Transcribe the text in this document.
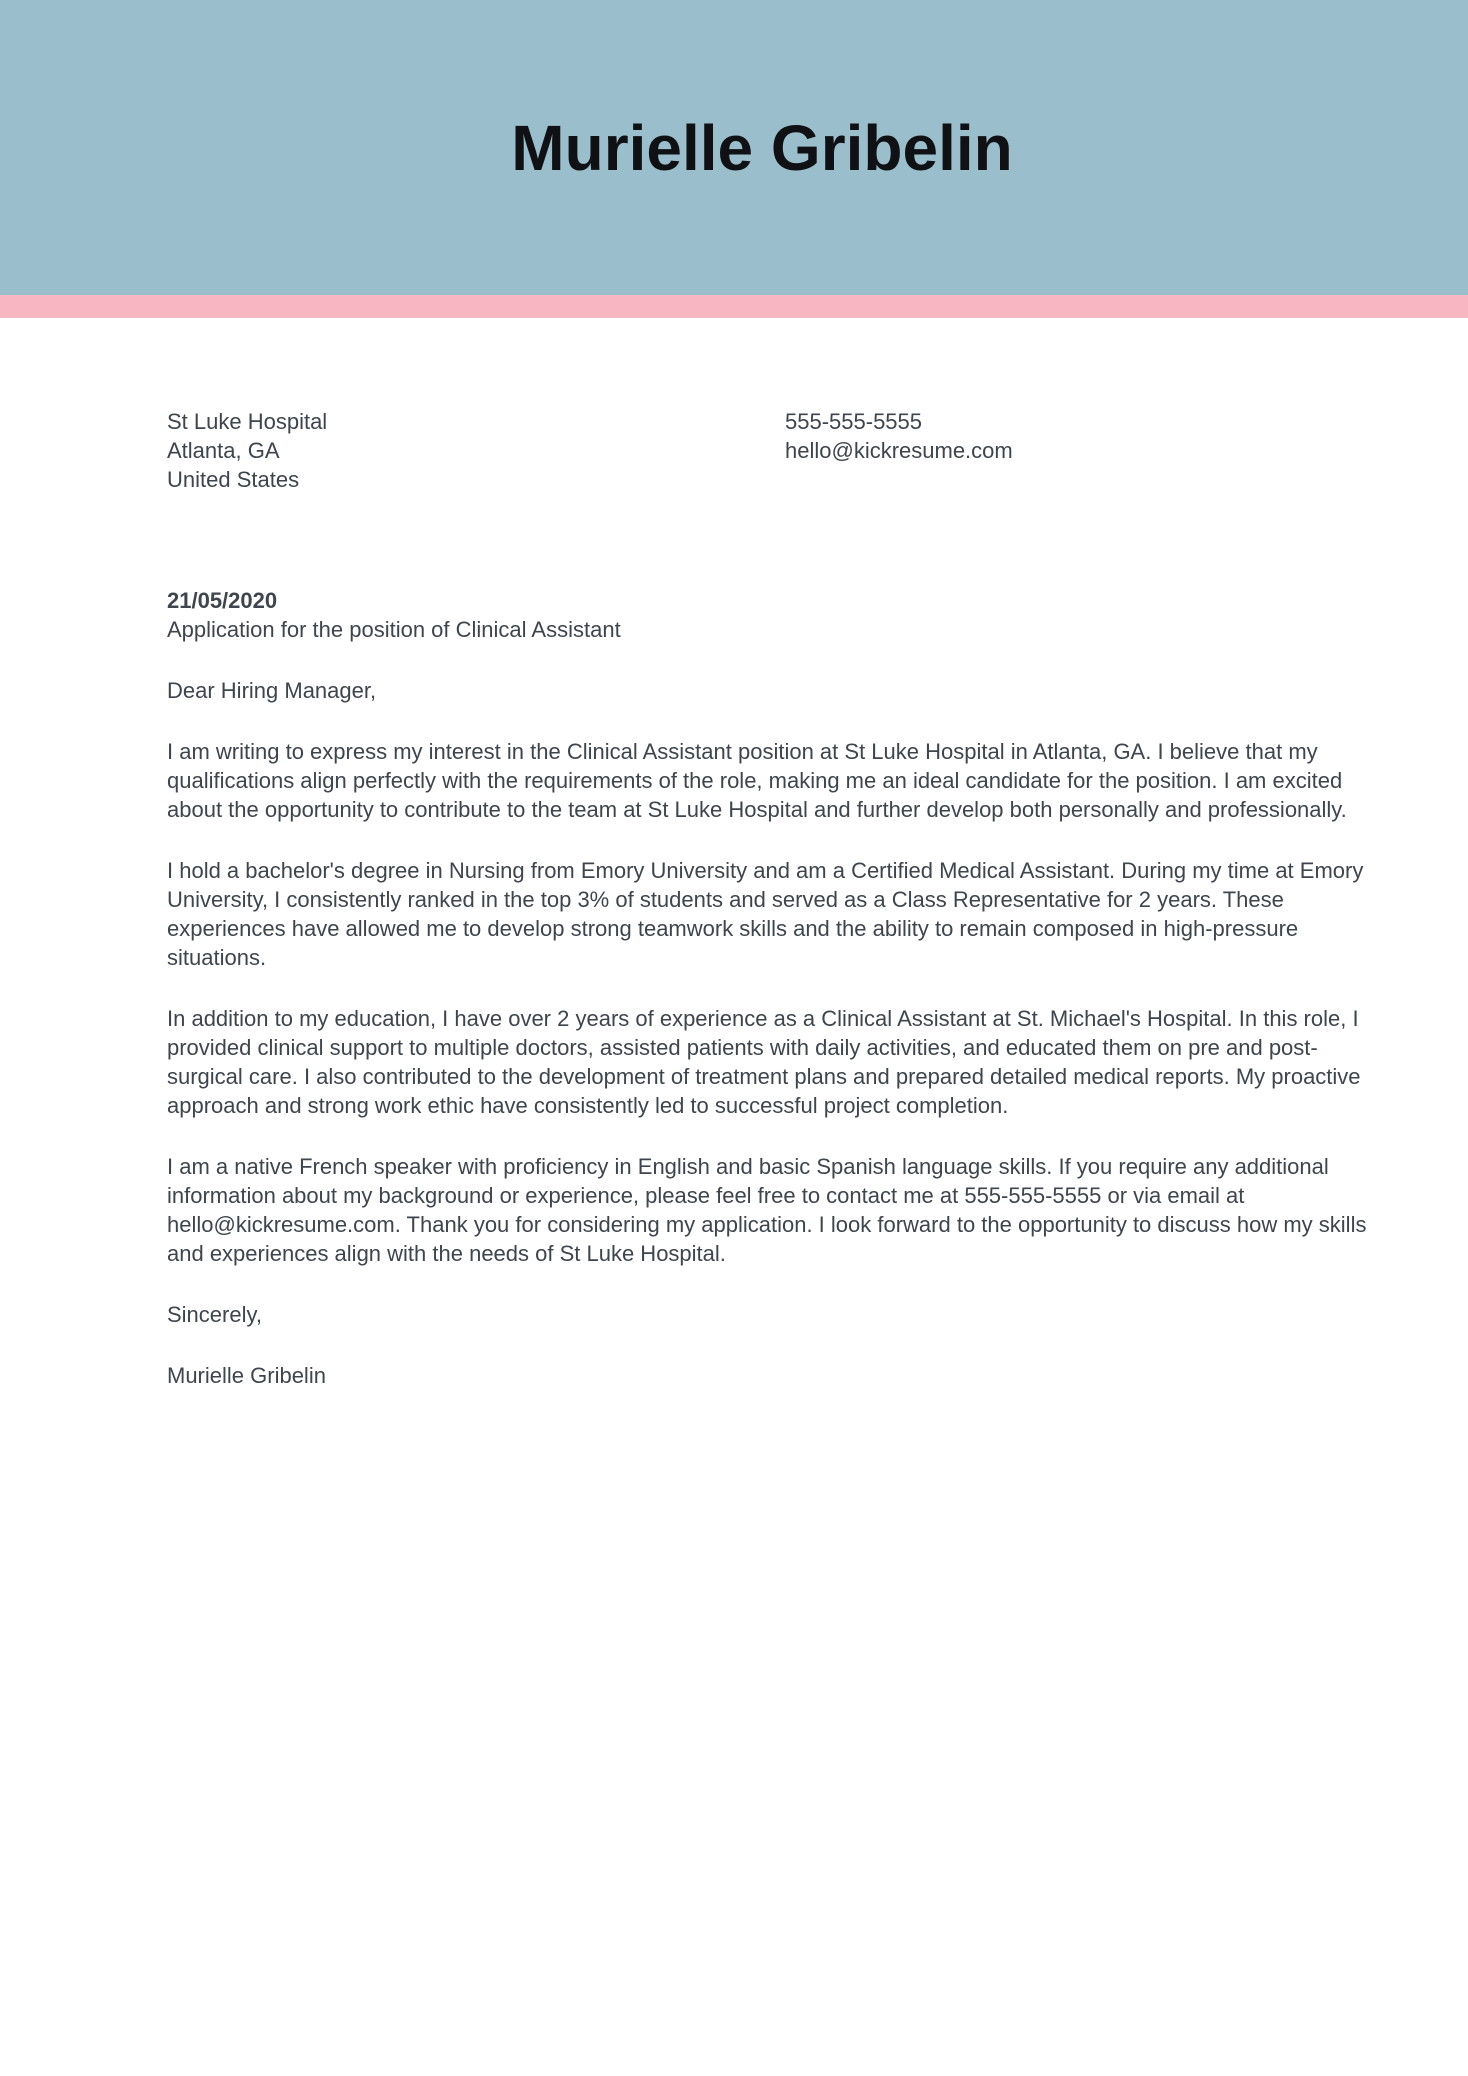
Murielle Gribelin
St Luke Hospital
Atlanta, GA
United States
555-555-5555
hello@kickresume.com
21/05/2020
Application for the position of Clinical Assistant

Dear Hiring Manager,

I am writing to express my interest in the Clinical Assistant position at St Luke Hospital in Atlanta, GA. I believe that my qualifications align perfectly with the requirements of the role, making me an ideal candidate for the position. I am excited about the opportunity to contribute to the team at St Luke Hospital and further develop both personally and professionally.

I hold a bachelor's degree in Nursing from Emory University and am a Certified Medical Assistant. During my time at Emory University, I consistently ranked in the top 3% of students and served as a Class Representative for 2 years. These experiences have allowed me to develop strong teamwork skills and the ability to remain composed in high-pressure situations.

In addition to my education, I have over 2 years of experience as a Clinical Assistant at St. Michael's Hospital. In this role, I provided clinical support to multiple doctors, assisted patients with daily activities, and educated them on pre and post-surgical care. I also contributed to the development of treatment plans and prepared detailed medical reports. My proactive approach and strong work ethic have consistently led to successful project completion.

I am a native French speaker with proficiency in English and basic Spanish language skills. If you require any additional information about my background or experience, please feel free to contact me at 555-555-5555 or via email at hello@kickresume.com. Thank you for considering my application. I look forward to the opportunity to discuss how my skills and experiences align with the needs of St Luke Hospital.

Sincerely,

Murielle Gribelin
